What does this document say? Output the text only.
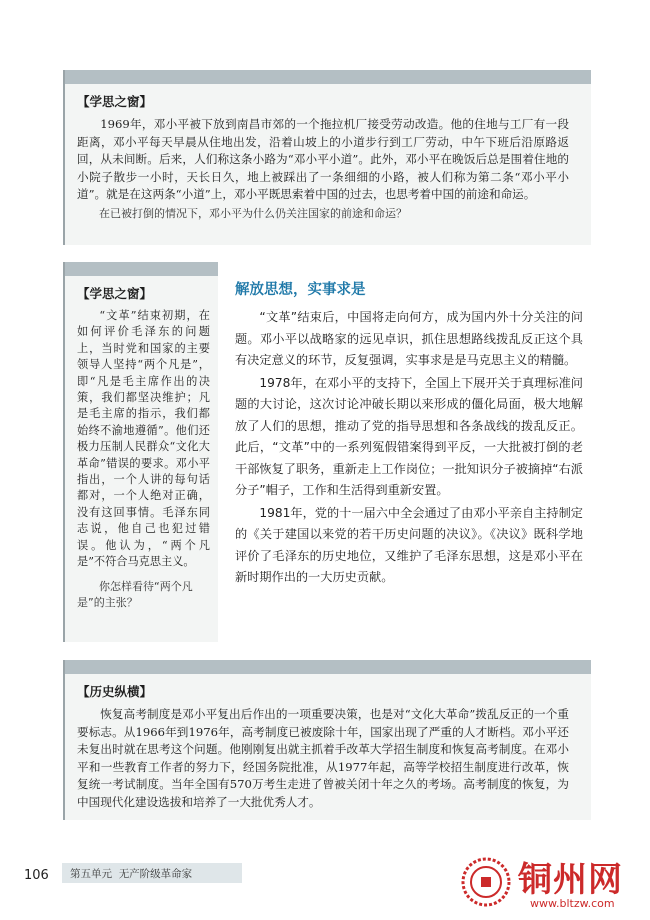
【学思之窗】
1969年，邓小平被下放到南昌市郊的一个拖拉机厂接受劳动改造。他的住地与工厂有一段距离，邓小平每天早晨从住地出发，沿着山坡上的小道步行到工厂劳动，中午下班后沿原路返回，从未间断。后来，人们称这条小路为“邓小平小道”。此外，邓小平在晚饭后总是围着住地的小院子散步一小时，天长日久，地上被踩出了一条细细的小路，被人们称为第二条“邓小平小道”。就是在这两条“小道”上，邓小平既思索着中国的过去，也思考着中国的前途和命运。
在已被打倒的情况下，邓小平为什么仍关注国家的前途和命运？
【学思之窗】
“文革”结束初期，在如何评价毛泽东的问题上，当时党和国家的主要领导人坚持“两个凡是”，即“凡是毛主席作出的决策，我们都坚决维护；凡是毛主席的指示，我们都始终不渝地遵循”。他们还极力压制人民群众“文化大革命”错误的要求。邓小平指出，一个人讲的每句话都对，一个人绝对正确，没有这回事情。毛泽东同志说，他自己也犯过错误。他认为，“两个凡是”不符合马克思主义。
你怎样看待“两个凡是”的主张？
解放思想，实事求是

“文革”结束后，中国将走向何方，成为国内外十分关注的问题。邓小平以战略家的远见卓识，抓住思想路线拨乱反正这个具有决定意义的环节，反复强调，实事求是是马克思主义的精髓。

1978年，在邓小平的支持下，全国上下展开关于真理标准问题的大讨论，这次讨论冲破长期以来形成的僵化局面，极大地解放了人们的思想，推动了党的指导思想和各条战线的拨乱反正。此后，“文革”中的一系列冤假错案得到平反，一大批被打倒的老干部恢复了职务，重新走上工作岗位；一批知识分子被摘掉“右派分子”帽子，工作和生活得到重新安置。

1981年，党的十一届六中全会通过了由邓小平亲自主持制定的《关于建国以来党的若干历史问题的决议》。《决议》既科学地评价了毛泽东的历史地位，又维护了毛泽东思想，这是邓小平在新时期作出的一大历史贡献。

【历史纵横】
恢复高考制度是邓小平复出后作出的一项重要决策，也是对“文化大革命”拨乱反正的一个重要标志。从1966年到1976年，高考制度已被废除十年，国家出现了严重的人才断档。邓小平还未复出时就在思考这个问题。他刚刚复出就主抓着手改革大学招生制度和恢复高考制度。在邓小平和一些教育工作者的努力下，经国务院批准，从1977年起，高等学校招生制度进行改革，恢复统一考试制度。当年全国有570万考生走进了曾被关闭十年之久的考场。高考制度的恢复，为中国现代化建设选拔和培养了一大批优秀人才。
106 第五单元 无产阶级革命家	铜州网
www.bltzw.com
